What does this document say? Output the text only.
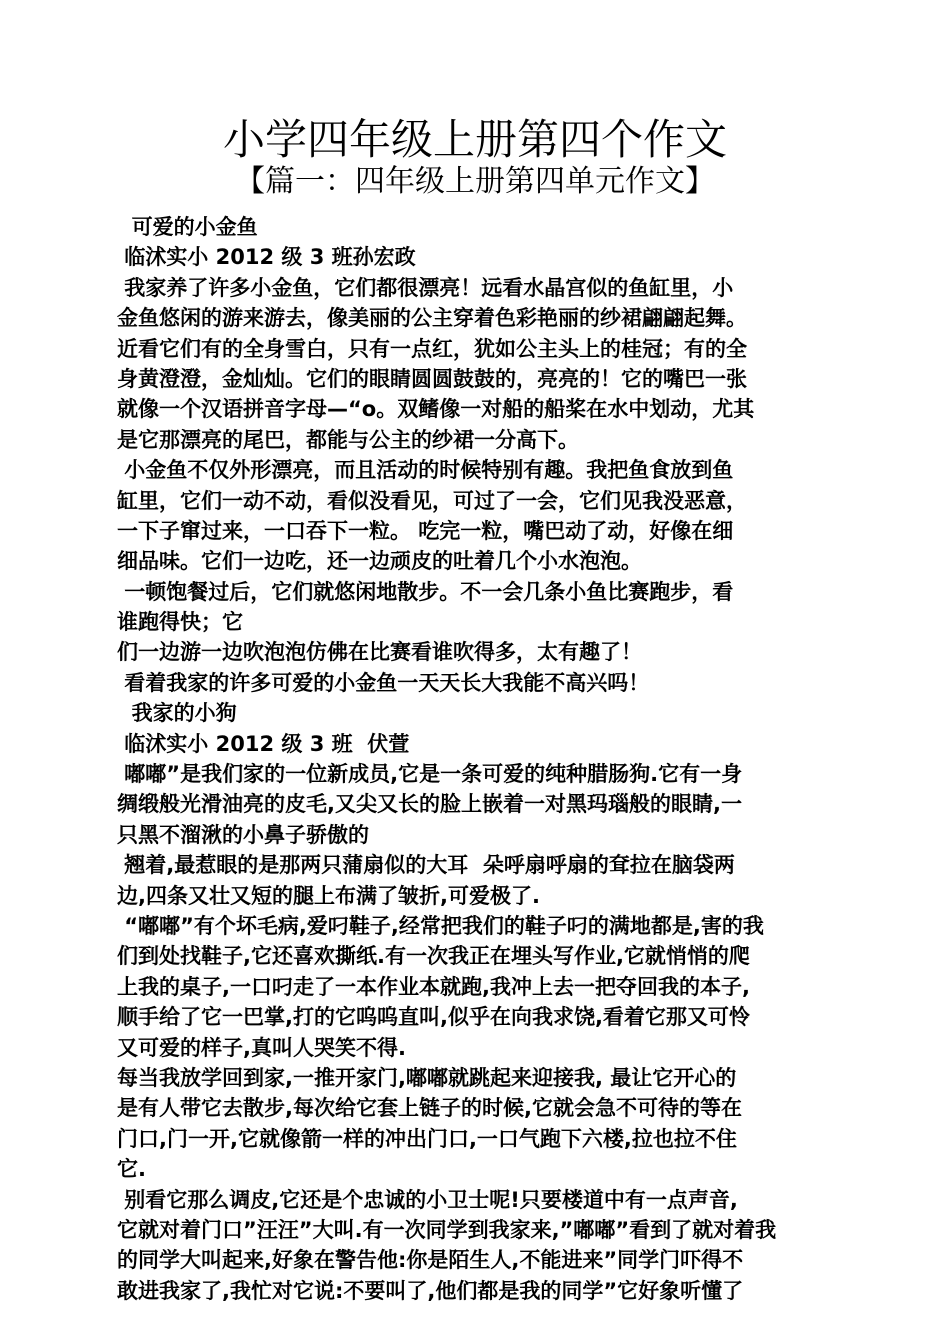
小学四年级上册第四个作文
【篇一：四年级上册第四单元作文】
可爱的小金鱼
临沭实小 2012 级 3 班孙宏政
我家养了许多小金鱼，它们都很漂亮！远看水晶宫似的鱼缸里，小
金鱼悠闲的游来游去，像美丽的公主穿着色彩艳丽的纱裙翩翩起舞。
近看它们有的全身雪白，只有一点红，犹如公主头上的桂冠；有的全
身黄澄澄，金灿灿。它们的眼睛圆圆鼓鼓的，亮亮的！它的嘴巴一张
就像一个汉语拼音字母—“o。双鳍像一对船的船桨在水中划动，尤其
是它那漂亮的尾巴，都能与公主的纱裙一分高下。
小金鱼不仅外形漂亮，而且活动的时候特别有趣。我把鱼食放到鱼
缸里，它们一动不动，看似没看见，可过了一会，它们见我没恶意，
一下子窜过来，一口吞下一粒。 吃完一粒，嘴巴动了动，好像在细
细品味。它们一边吃，还一边顽皮的吐着几个小水泡泡。
一顿饱餐过后，它们就悠闲地散步。不一会几条小鱼比赛跑步，看
谁跑得快；它
们一边游一边吹泡泡仿佛在比赛看谁吹得多，太有趣了！
看着我家的许多可爱的小金鱼一天天长大我能不高兴吗！
我家的小狗
临沭实小 2012 级 3 班  伏萱
嘟嘟”是我们家的一位新成员,它是一条可爱的纯种腊肠狗.它有一身
绸缎般光滑油亮的皮毛,又尖又长的脸上嵌着一对黑玛瑙般的眼睛,一
只黑不溜湫的小鼻子骄傲的
翘着,最惹眼的是那两只蒲扇似的大耳  朵呼扇呼扇的耷拉在脑袋两
边,四条又壮又短的腿上布满了皱折,可爱极了.
“嘟嘟”有个坏毛病,爱叼鞋子,经常把我们的鞋子叼的满地都是,害的我
们到处找鞋子,它还喜欢撕纸.有一次我正在埋头写作业,它就悄悄的爬
上我的桌子,一口叼走了一本作业本就跑,我冲上去一把夺回我的本子,
顺手给了它一巴掌,打的它呜呜直叫,似乎在向我求饶,看着它那又可怜
又可爱的样子,真叫人哭笑不得.
每当我放学回到家,一推开家门,嘟嘟就跳起来迎接我, 最让它开心的
是有人带它去散步,每次给它套上链子的时候,它就会急不可待的等在
门口,门一开,它就像箭一样的冲出门口,一口气跑下六楼,拉也拉不住
它.
别看它那么调皮,它还是个忠诚的小卫士呢!只要楼道中有一点声音,
它就对着门口”汪汪”大叫.有一次同学到我家来,”嘟嘟”看到了就对着我
的同学大叫起来,好象在警告他:你是陌生人,不能进来”同学门吓得不
敢进我家了,我忙对它说:不要叫了,他们都是我的同学”它好象听懂了
